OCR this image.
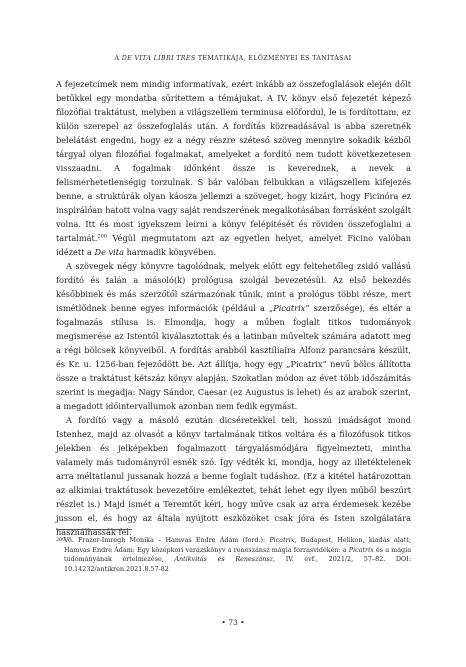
A DE VITA LIBRI TRES TEMATIKÁJA, ELŐZMÉNYEI ÉS TANÍTÁSAI

A fejezetcímek nem mindig informatívak, ezért inkább az összefoglalások elején dőlt betűkkel egy mondatba sűrítettem a témájukat. A IV. könyv első fejezetét képező filozófiai traktátust, melyben a világszellem terminusa előfordul, le is fordítottam, ez külön szerepel az összefoglalás után. A fordítás közreadásával is abba szeretnék belelátást engedni, hogy ez a négy részre széteső szöveg mennyire sokadik kézből tárgyal olyan filozófiai fogalmakat, amelyeket a fordító nem tudott következetesen visszaadni. A fogalmak időnként össze is keverednek, a nevek a felismerhetetlenségig torzulnak. S bár valóban felbukkan a világszellem kifejezés benne, a struktúrák olyan káosza jellemzi a szöveget, hogy kizárt, hogy Ficinóra ez inspirálóan hatott volna vagy saját rendszerének megalkotásában forrásként szolgált volna. Itt és most igyekszem leírni a könyv felépítését és röviden összefoglalni a tartalmát.$^{200}$ Végül megmutatom azt az egyetlen helyet, amelyet Ficino valóban idézett a De vita harmadik könyvében.

A szövegek négy könyvre tagolódnak, melyek előtt egy feltehetőleg zsidó vallású fordító és talán a másoló(k) prológusa szolgál bevezetésül. Az első bekezdés későbbinek és más szerzőtől származónak tűnik, mint a prológus többi része, mert ismétlődnek benne egyes információk (például a „Picatrix” szerzősége), és eltér a fogalmazás stílusa is. Elmondja, hogy a műben foglalt titkos tudományok megismerése az Istentől kiválasztottak és a latinban műveltek számára adatott meg a régi bölcsek könyveiből. A fordítás arabból kasztíliaira Alfonz parancsára készült, és Kr. u. 1256-ban fejeződött be. Azt állítja, hogy egy „Picatrix” nevű bölcs állította össze a traktátust kétszáz könyv alapján. Szokatlan módon az évet több időszámítás szerint is megadja: Nagy Sándor, Caesar (ez Augustus is lehet) és az arabok szerint, a megadott időintervallumok azonban nem fedik egymást.

A fordító vagy a másoló ezután dicséretekkel teli, hosszú imádságot mond Istenhez, majd az olvasót a könyv tartalmának titkos voltára és a filozófusok titkos jelekben és jelképekben fogalmazott tárgyalásmódjára figyelmezteti, mintha valamely más tudományról esnék szó. Így védték ki, mondja, hogy az illetéktelenek arra méltatlanul jussanak hozzá a benne foglalt tudáshoz. (Ez a kitétel határozottan az alkímiai traktátusok bevezetőire emlékeztet, tehát lehet egy ilyen műből beszúrt részlet is.) Majd ismét a Teremtőt kéri, hogy műve csak az arra érdemesek kezébe jusson el, és hogy az általa nyújtott eszközöket csak jóra és Isten szolgálatára használhassák fel.

200
Vö. Frazer-Imregh Monika – Hamvas Endre Ádám (ford.): Picatrix, Budapest, Helikon, kiadás alatt; Hamvas Endre Ádám: Egy középkori varázskönyv a reneszánsz mágia forrásvidékén: a Picatrix és a mágia tudományának értelmezése, Antikvitás és Reneszánsz, IV. évf., 2021/2, 57–82. DOI: 10.14232/antikren.2021.8.57-82
• 73 •
